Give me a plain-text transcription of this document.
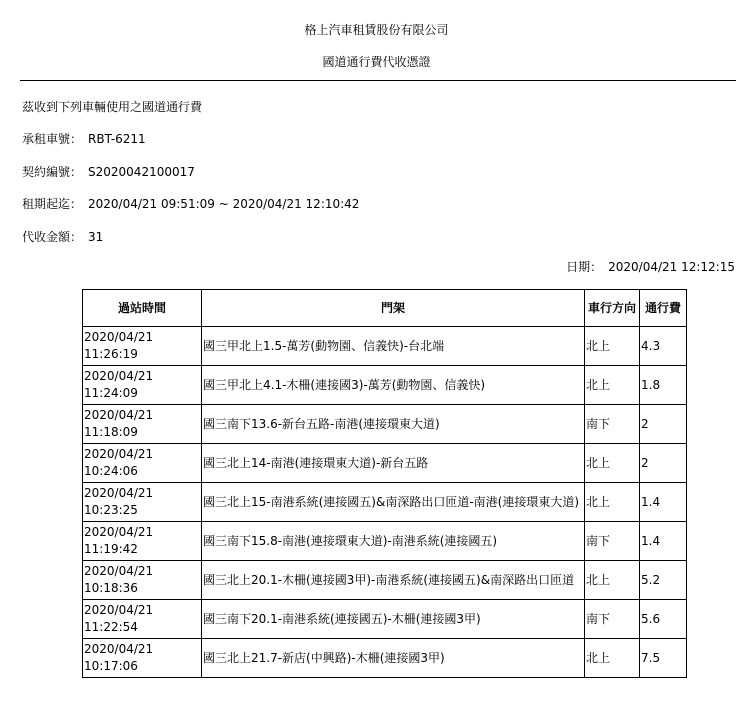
格上汽車租賃股份有限公司
國道通行費代收憑證
茲收到下列車輛使用之國道通行費
承租車號： RBT-6211
契約編號： S2020042100017
租期起迄： 2020/04/21 09:51:09 ~ 2020/04/21 12:10:42
代收金額： 31
日期： 2020/04/21 12:12:15
過站時間	門架	車行方向	通行費
2020/04/21
11:26:19	國三甲北上1.5-萬芳(動物園、信義快)-台北端	北上	4.3
2020/04/21
11:24:09	國三甲北上4.1-木柵(連接國3)-萬芳(動物園、信義快)	北上	1.8
2020/04/21
11:18:09	國三南下13.6-新台五路-南港(連接環東大道)	南下	2
2020/04/21
10:24:06	國三北上14-南港(連接環東大道)-新台五路	北上	2
2020/04/21
10:23:25	國三北上15-南港系統(連接國五)&南深路出口匝道-南港(連接環東大道)	北上	1.4
2020/04/21
11:19:42	國三南下15.8-南港(連接環東大道)-南港系統(連接國五)	南下	1.4
2020/04/21
10:18:36	國三北上20.1-木柵(連接國3甲)-南港系統(連接國五)&南深路出口匝道	北上	5.2
2020/04/21
11:22:54	國三南下20.1-南港系統(連接國五)-木柵(連接國3甲)	南下	5.6
2020/04/21
10:17:06	國三北上21.7-新店(中興路)-木柵(連接國3甲)	北上	7.5
